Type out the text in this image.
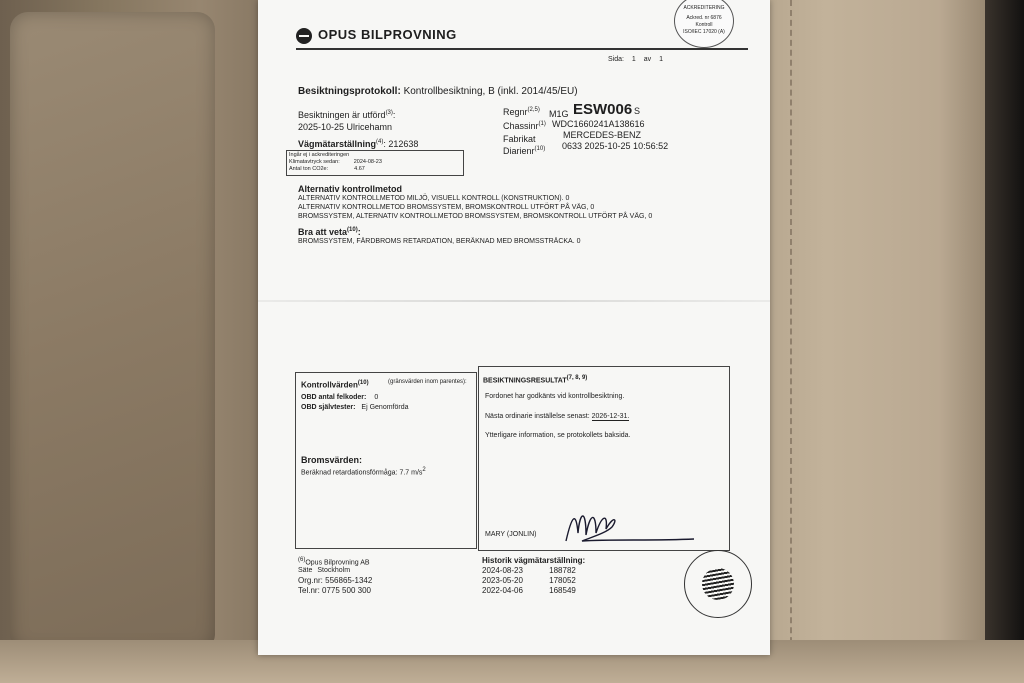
OPUS BILPROVNING
ACKREDITERING
Ackred. nr 6876
Kontroll
ISO/IEC 17020 (A)
Sida: 1 av 1
Besiktningsprotokoll: Kontrollbesiktning, B (inkl. 2014/45/EU)
Besiktningen är utförd$^{(3)}$:
2025-10-25 Ulricehamn
Vägmätarställning$^{(4)}$: 212638
Ingår ej i ackrediteringen
Klimatavtryck sedan:	2024-08-23
Antal ton CO2e:	4.67
Regnr$^{(2,5)}$ M1G ESW006 S
Chassinr$^{(1)}$ WDC1660241A138616
Fabrikat	MERCEDES-BENZ
Diarienr$^{(10)}$ 0633 2025-10-25 10:56:52
Alternativ kontrollmetod
ALTERNATIV KONTROLLMETOD MILJÖ, VISUELL KONTROLL (KONSTRUKTION). 0
ALTERNATIV KONTROLLMETOD BROMSSYSTEM, BROMSKONTROLL UTFÖRT PÅ VÄG, 0
BROMSSYSTEM, ALTERNATIV KONTROLLMETOD BROMSSYSTEM, BROMSKONTROLL UTFÖRT PÅ VÄG, 0
Bra att veta$^{(10)}$:
BROMSSYSTEM, FÄRDBROMS RETARDATION, BERÄKNAD MED BROMSSTRÄCKA. 0
Kontrollvärden$^{(10)}$	(gränsvärden inom parentes):
OBD antal felkoder: 0
OBD självtester: Ej Genomförda
Bromsvärden:
Beräknad retardationsförmåga: 7.7 $m/s^2$
BESIKTNINGSRESULTAT$^{(7, 8, 9)}$
Fordonet har godkänts vid kontrollbesiktning.
Nästa ordinarie inställelse senast: 2026-12-31.
Ytterligare information, se protokollets baksida.
MARY (JONLIN)
$^{(6)}$Opus Bilprovning AB
Säte Stockholm
Org.nr: 556865-1342
Tel.nr: 0775 500 300
Historik vägmätarställning:
2024-08-23	188782
2023-05-20	178052
2022-04-06	168549
